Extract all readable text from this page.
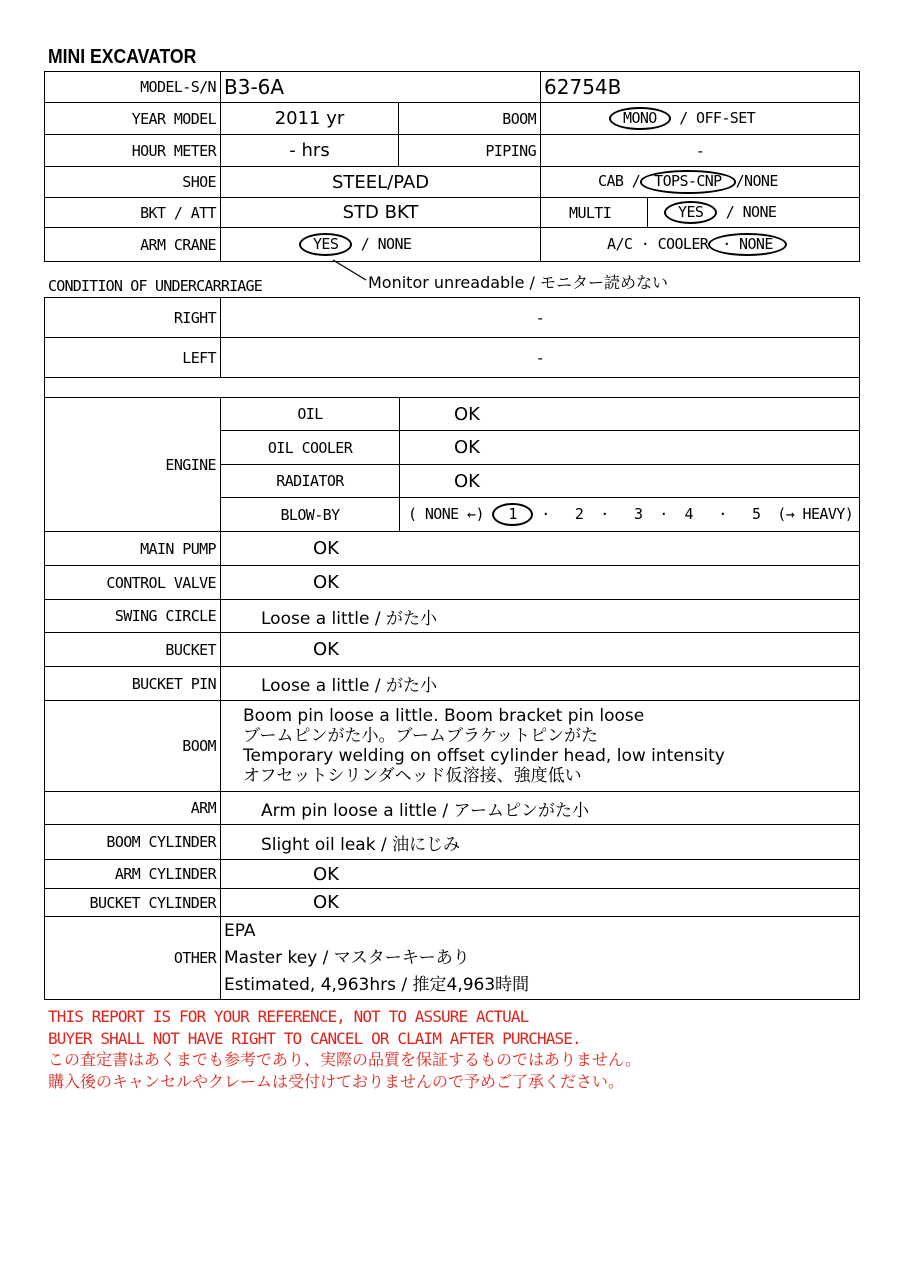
MINI EXCAVATOR
MODEL-S/N	B3-6A		62754B	
YEAR MODEL	2011 yr	BOOM	MONO / OFF-SET	
HOUR METER	- hrs	PIPING	-	
SHOE	STEEL/PAD		CAB / TOPS-CNP /NONE	
BKT / ATT	STD BKT		MULTI	YES / NONE
ARM CRANE	YES / NONE		A/C · COOLER · NONE	
Monitor unreadable / モニター読めない
CONDITION OF UNDERCARRIAGE
RIGHT	-
LEFT	-

ENGINE	OIL	OK
	OIL COOLER	OK
	RADIATOR	OK
	BLOW-BY	( NONE ←) 1 ·   2  ·   3  ·  4   ·   5  (→ HEAVY)
MAIN PUMP	OK	
CONTROL VALVE	OK	
SWING CIRCLE	Loose a little / がた小	
BUCKET	OK	
BUCKET PIN	Loose a little / がた小	
BOOM	Boom pin loose a little. Boom bracket pin loose
ブームピンがた小。ブームブラケットピンがた
Temporary welding on offset cylinder head, low intensity
オフセットシリンダヘッド仮溶接、強度低い	

ARM	Arm pin loose a little / アームピンがた小	
BOOM CYLINDER	Slight oil leak / 油にじみ	
ARM CYLINDER	OK	
BUCKET CYLINDER	OK	
OTHER	EPA
Master key / マスターキーあり
Estimated, 4,963hrs / 推定4,963時間	
THIS REPORT IS FOR YOUR REFERENCE, NOT TO ASSURE ACTUAL
BUYER SHALL NOT HAVE RIGHT TO CANCEL OR CLAIM AFTER PURCHASE.
この査定書はあくまでも参考であり、実際の品質を保証するものではありません。
購入後のキャンセルやクレームは受付けておりませんので予めご了承ください。
